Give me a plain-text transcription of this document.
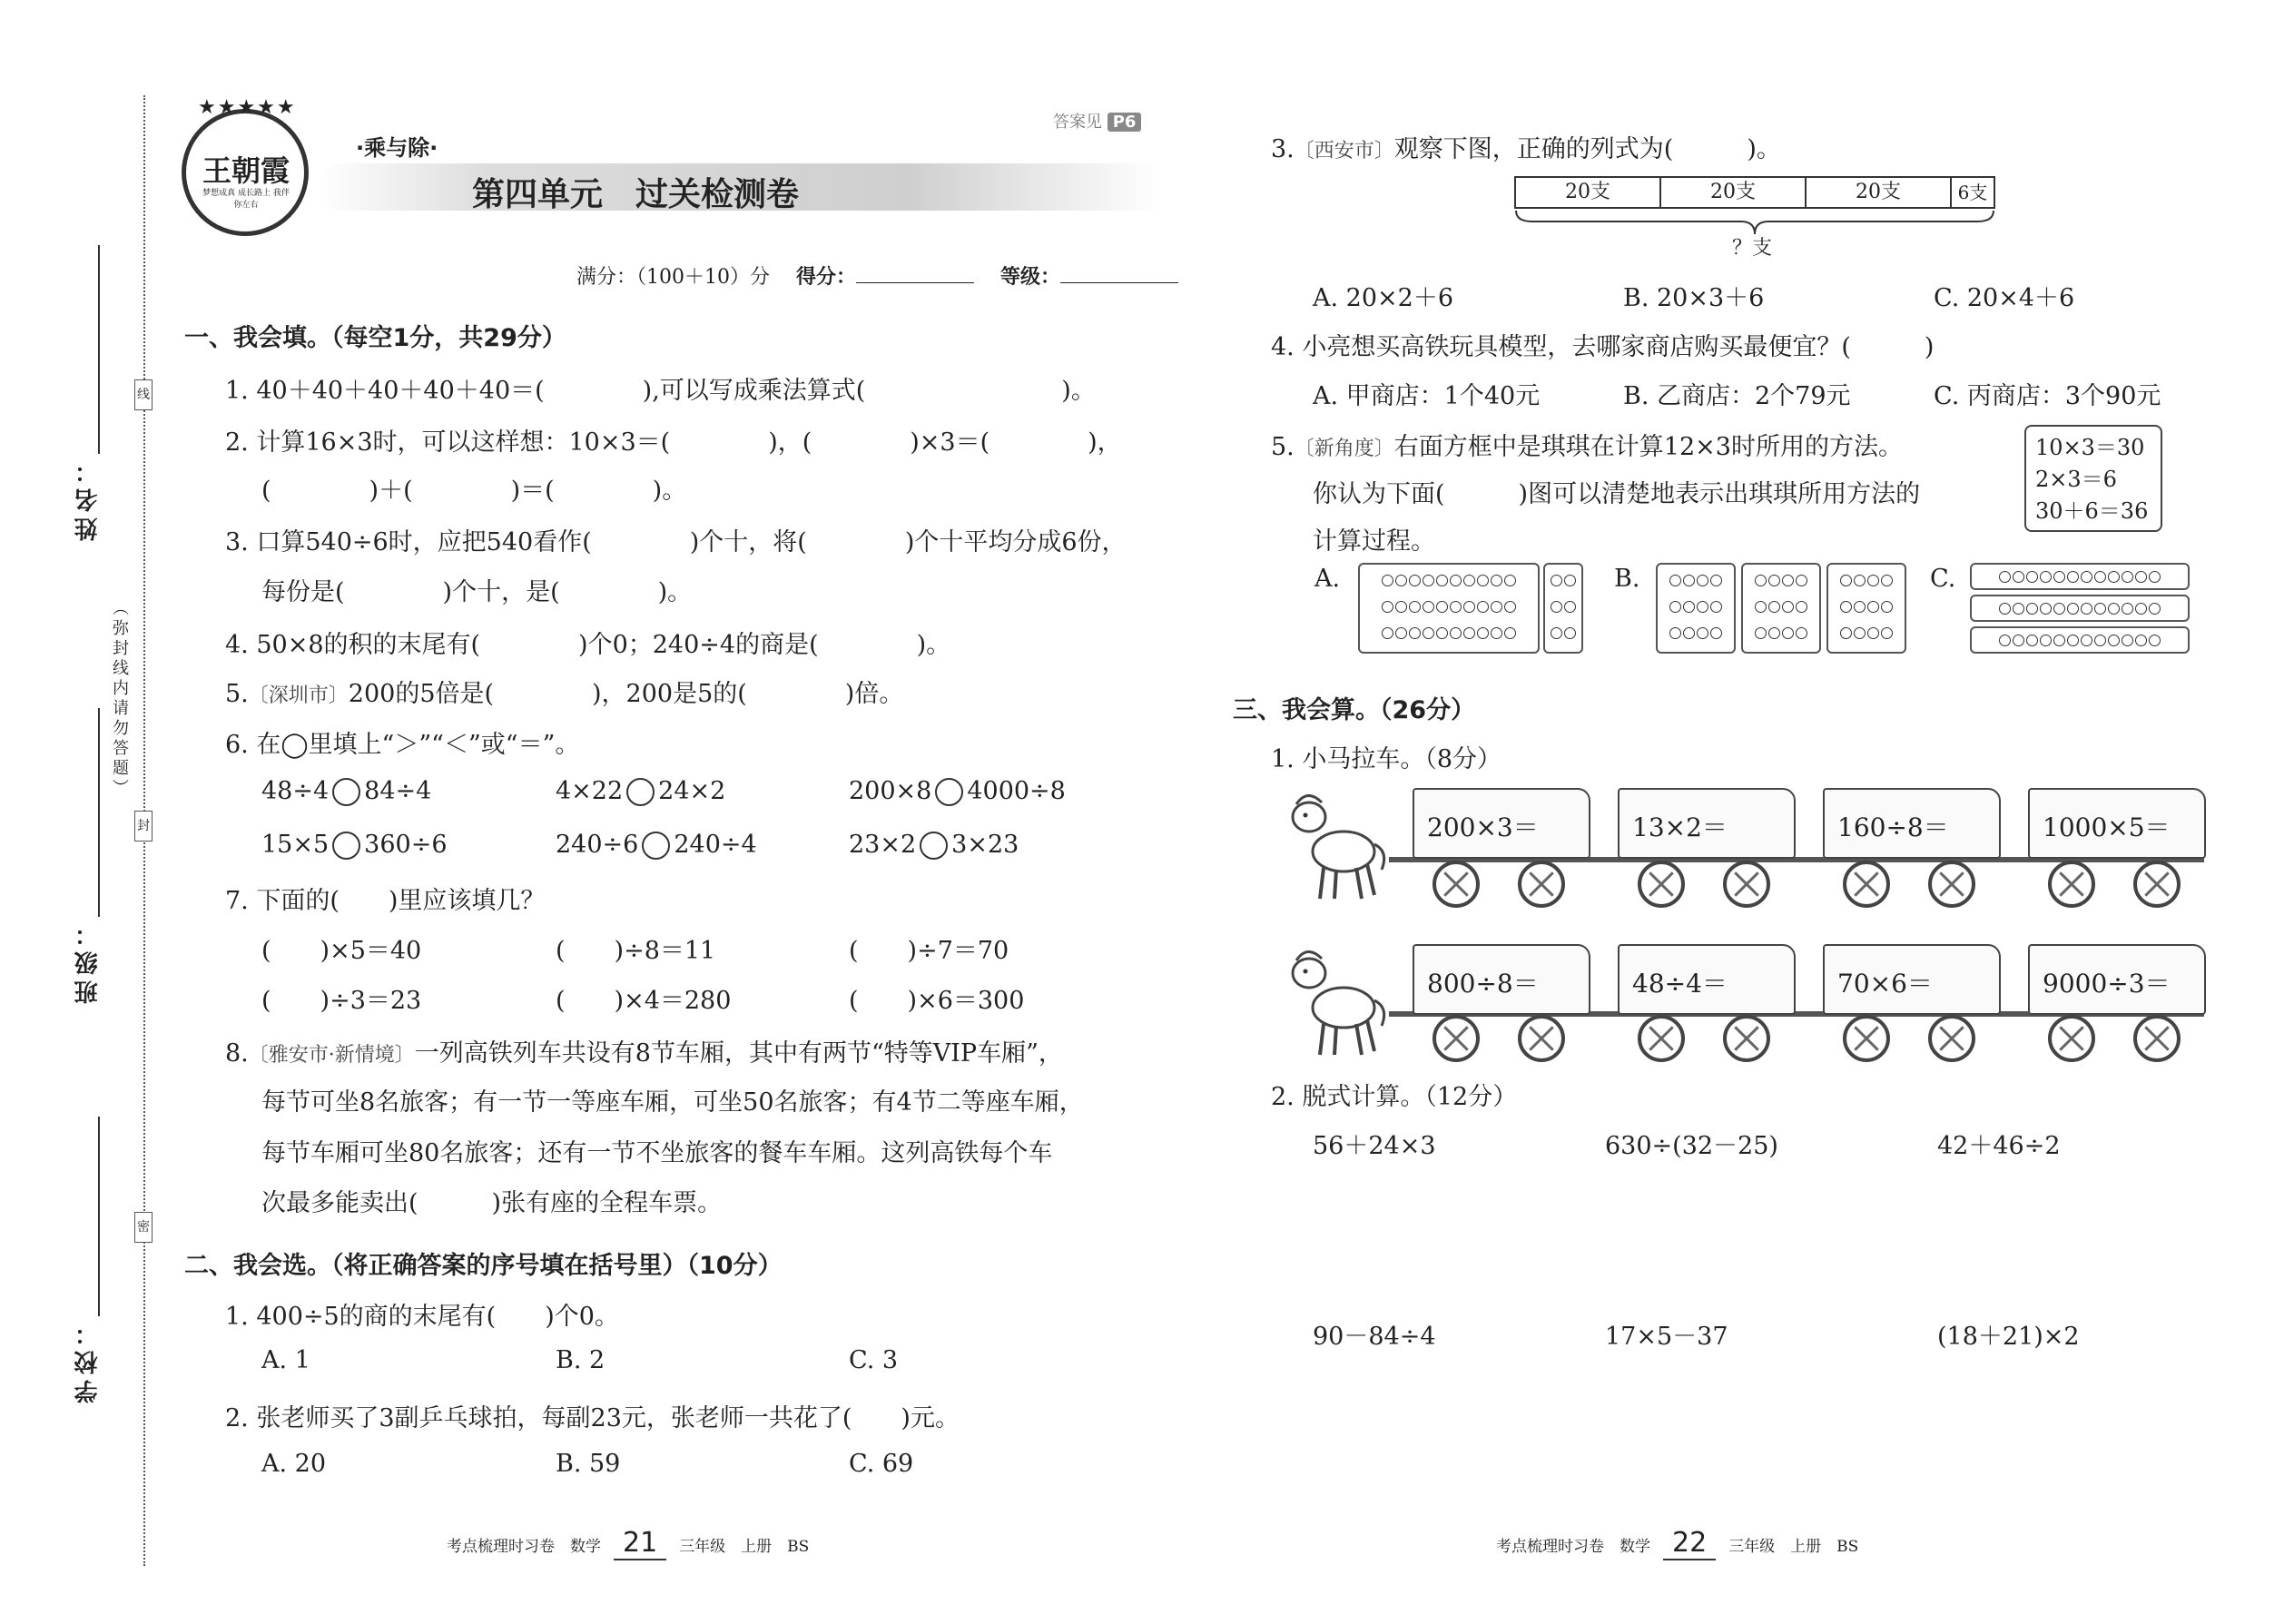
线
封
密
（弥封线内请勿答题）
姓名：
班级：
学校：
王朝霞
梦想成真 成长路上 我伴你左右
★★★★★
·乘与除·
第四单元　过关检测卷
答案见 P6
满分：（100＋10）分 得分：	等级：
一、我会填。（每空1分，共29分）
1. 40＋40＋40＋40＋40＝(　　　　),可以写成乘法算式(　　　　　　　　)。
2. 计算16×3时，可以这样想：10×3＝(　　　　)，(　　　　)×3＝(　　　　)，
(　　　　)＋(　　　　)＝(　　　　)。
3. 口算540÷6时，应把540看作(　　　　)个十，将(　　　　)个十平均分成6份，
每份是(　　　　)个十，是(　　　　)。
4. 50×8的积的末尾有(　　　　)个0；240÷4的商是(　　　　)。
5.〔深圳市〕200的5倍是(　　　　)，200是5的(　　　　)倍。
6. 在◯里填上“＞”“＜”或“＝”。
48÷4 84÷4	4×22 24×2	200×8 4000÷8
15×5 360÷6	240÷6 240÷4	23×2 3×23
7. 下面的(　　)里应该填几？
(　　)×5＝40	(　　)÷8＝11	(　　)÷7＝70
(　　)÷3＝23	(　　)×4＝280	(　　)×6＝300
8.〔雅安市·新情境〕一列高铁列车共设有8节车厢，其中有两节“特等VIP车厢”，
每节可坐8名旅客；有一节一等座车厢，可坐50名旅客；有4节二等座车厢，
每节车厢可坐80名旅客；还有一节不坐旅客的餐车车厢。这列高铁每个车
次最多能卖出(　　　)张有座的全程车票。
二、我会选。（将正确答案的序号填在括号里）（10分）
1. 400÷5的商的末尾有(　　)个0。
A. 1	B. 2	C. 3
2. 张老师买了3副乒乓球拍，每副23元，张老师一共花了(　　)元。
A. 20	B. 59	C. 69
考点梳理时习卷　数学 21 三年级　上册　BS
3.〔西安市〕观察下图，正确的列式为(　　　)。
20支	20支	20支	6支
？支
A. 20×2＋6	B. 20×3＋6	C. 20×4＋6
4. 小亮想买高铁玩具模型，去哪家商店购买最便宜？(　　　)
A. 甲商店：1个40元	B. 乙商店：2个79元	C. 丙商店：3个90元
5.〔新角度〕右面方框中是琪琪在计算12×3时所用的方法。
你认为下面(　　　)图可以清楚地表示出琪琪所用方法的
计算过程。
10×3＝30
2×3＝6
30＋6＝36
A.	B.	C.
三、我会算。（26分）
1. 小马拉车。（8分）
200×3＝	13×2＝	160÷8＝	1000×5＝
800÷8＝	48÷4＝	70×6＝	9000÷3＝
2. 脱式计算。（12分）
56＋24×3	630÷(32－25)	42＋46÷2
90－84÷4	17×5－37	(18＋21)×2
考点梳理时习卷　数学 22 三年级　上册　BS
